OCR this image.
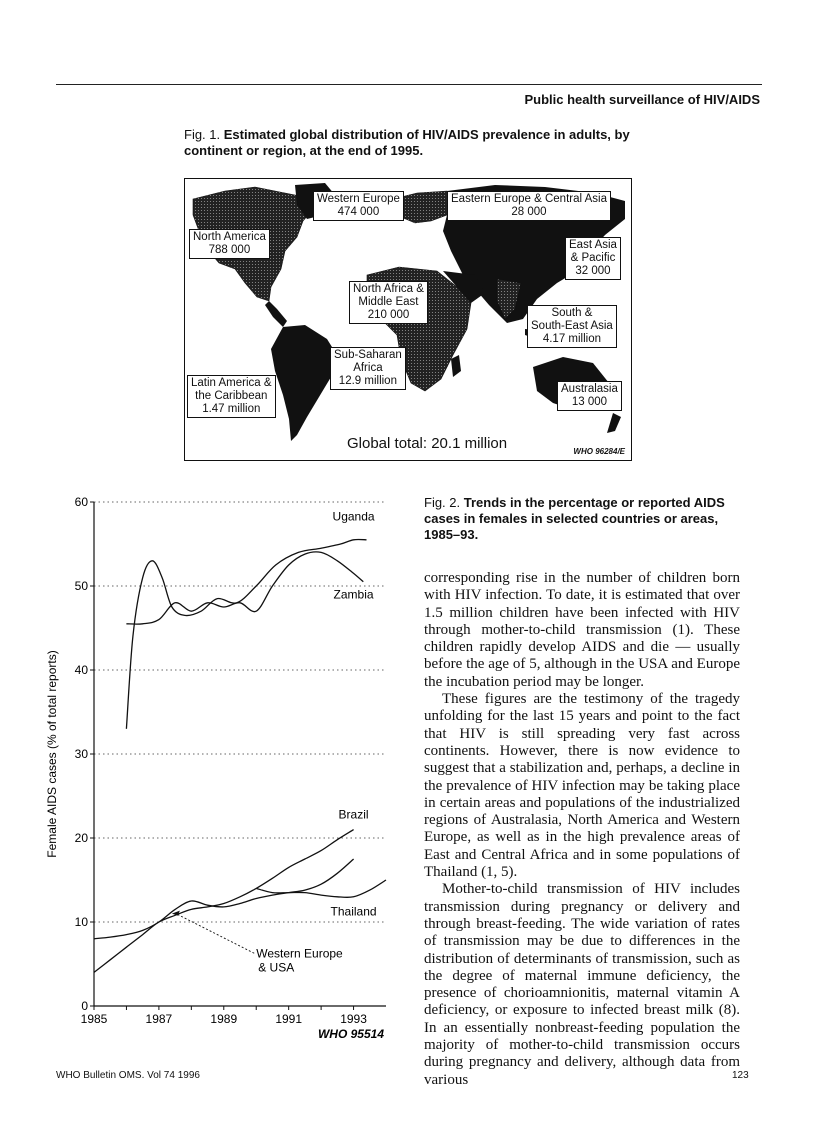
Public health surveillance of HIV/AIDS
Fig. 1. Estimated global distribution of HIV/AIDS prevalence in adults, by continent or region, at the end of 1995.
Western Europe
474 000
Eastern Europe & Central Asia
28 000
North America
788 000	East Asia
& Pacific
32 000
North Africa &
Middle East
210 000	South &
South-East Asia
4.17 million
Sub-Saharan
Africa
12.9 million
Latin America &
the Caribbean
1.47 million
Australasia
13 000
Global total: 20.1 million	WHO 96284/E
0
10
20
30
40
50
60
1985	1987	1989	1991	1993
Uganda
Zambia
Brazil
Thailand
Western Europe
& USA
Female AIDS cases (% of total reports)
WHO 95514
Fig. 2. Trends in the percentage or reported AIDS cases in females in selected countries or areas, 1985–93.

corresponding rise in the number of children born with HIV infection. To date, it is estimated that over 1.5 million children have been infected with HIV through mother-to-child transmission (1). These children rapidly develop AIDS and die — usually before the age of 5, although in the USA and Europe the incubation period may be longer.

These figures are the testimony of the tragedy unfolding for the last 15 years and point to the fact that HIV is still spreading very fast across continents. However, there is now evidence to suggest that a stabilization and, perhaps, a decline in the prevalence of HIV infection may be taking place in certain areas and populations of the industrialized regions of Australasia, North America and Western Europe, as well as in the high prevalence areas of East and Central Africa and in some populations of Thailand (1, 5).

Mother-to-child transmission of HIV includes transmission during pregnancy or delivery and through breast-feeding. The wide variation of rates of transmission may be due to differences in the distribution of determinants of transmission, such as the degree of maternal immune deficiency, the presence of chorioamnionitis, maternal vitamin A deficiency, or exposure to infected breast milk (8). In an essentially nonbreast-feeding population the majority of mother-to-child transmission occurs during pregnancy and delivery, although data from various

WHO Bulletin OMS. Vol 74 1996	123
